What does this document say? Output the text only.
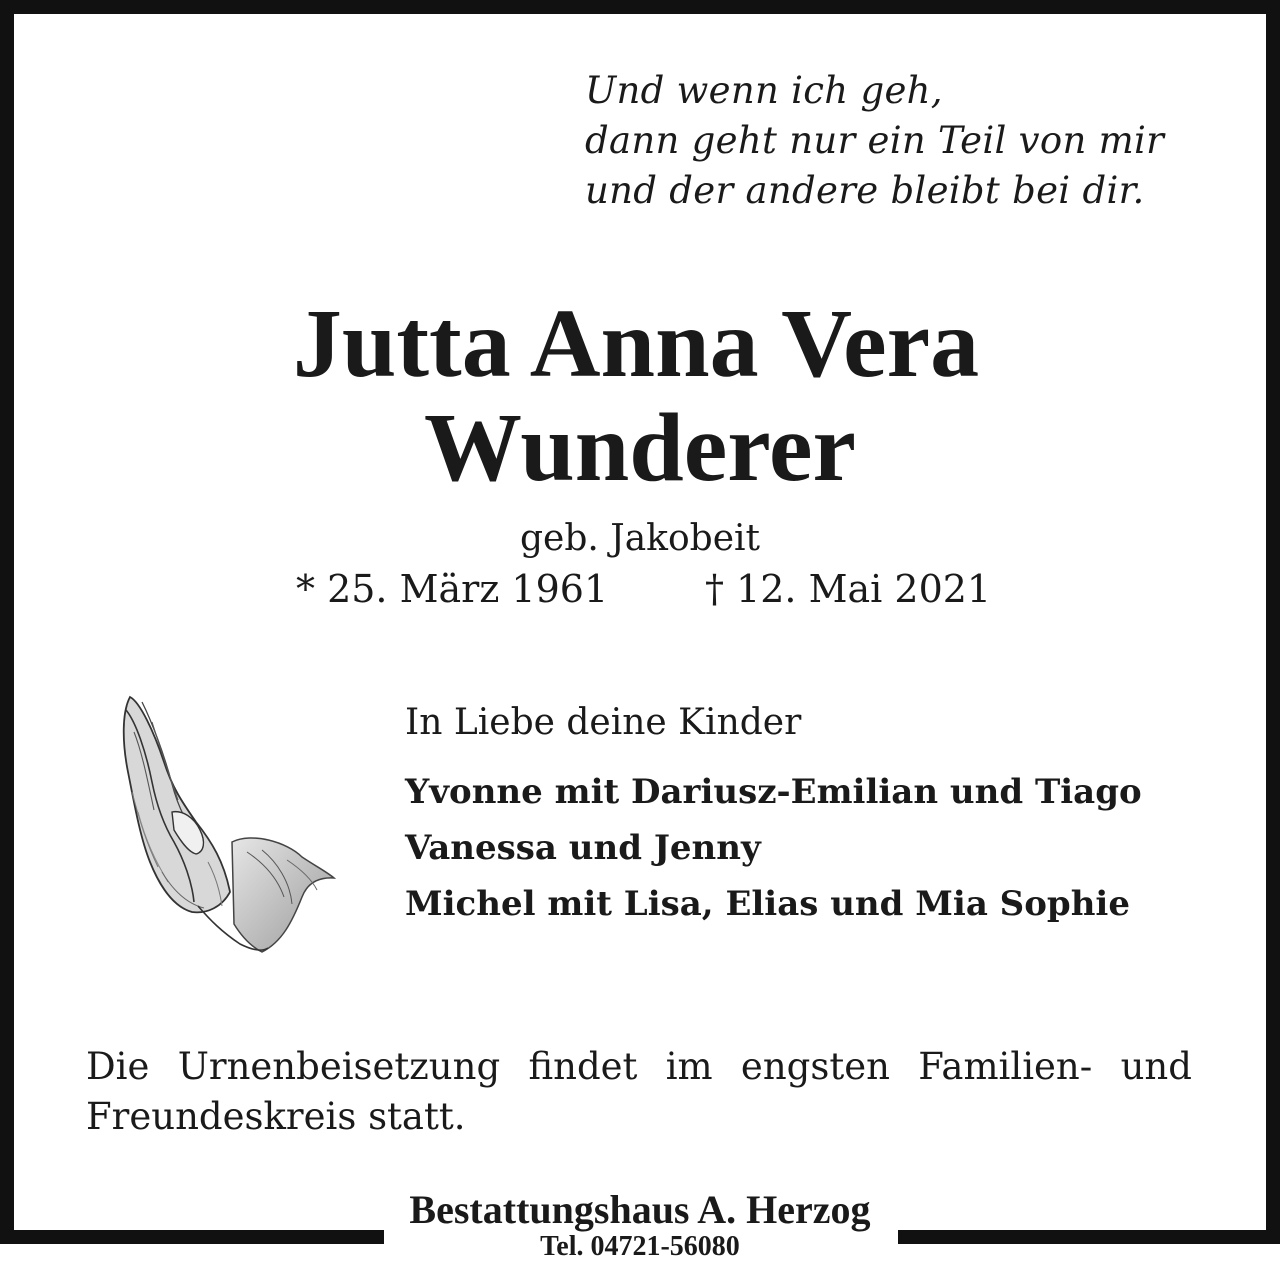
Und wenn ich geh,
dann geht nur ein Teil von mir
und der andere bleibt bei dir.
Jutta Anna Vera
Wunderer
geb. Jakobeit
* 25. März 1961	† 12. Mai 2021
In Liebe deine Kinder
Yvonne mit Dariusz-Emilian und Tiago
Vanessa und Jenny
Michel mit Lisa, Elias und Mia Sophie
Die Urnenbeisetzung findet im engsten Familien- und
Freundeskreis statt.
Bestattungshaus A. Herzog
Tel. 04721-56080
